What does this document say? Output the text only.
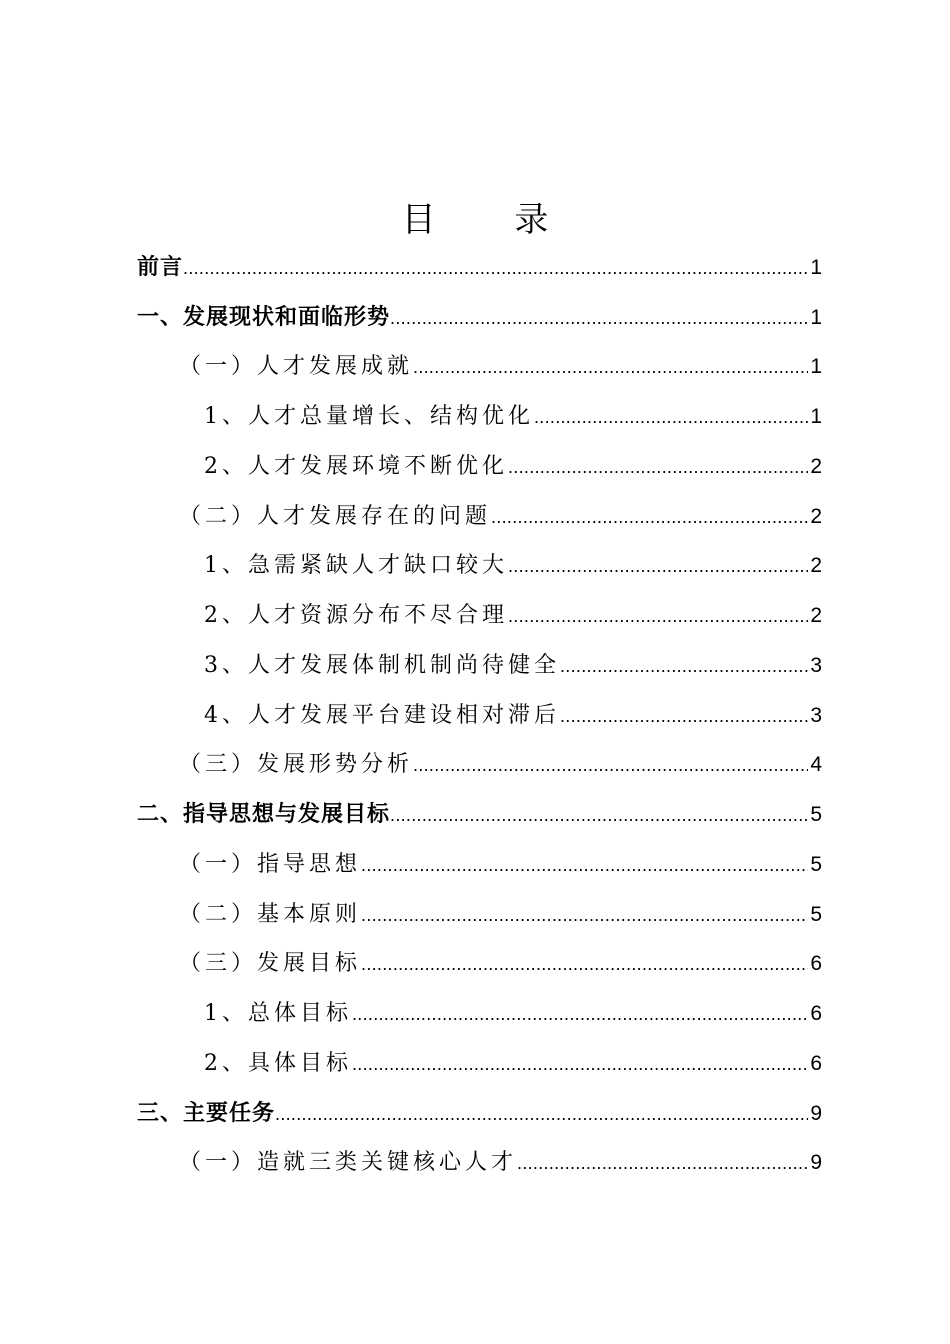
目 录
前言 .....	1
一、发展现状和面临形势 .....	1
（一）人才发展成就 .....	1
1、人才总量增长、结构优化 .....	1
2、人才发展环境不断优化 .....	2
（二）人才发展存在的问题 .....	2
1、急需紧缺人才缺口较大 .....	2
2、人才资源分布不尽合理 .....	2
3、人才发展体制机制尚待健全 .....	3
4、人才发展平台建设相对滞后 .....	3
（三）发展形势分析 .....	4
二、指导思想与发展目标 .....	5
（一）指导思想 .....	5
（二）基本原则 .....	5
（三）发展目标 .....	6
1、总体目标 .....	6
2、具体目标 .....	6
三、主要任务 .....	9
（一）造就三类关键核心人才 .....	9
